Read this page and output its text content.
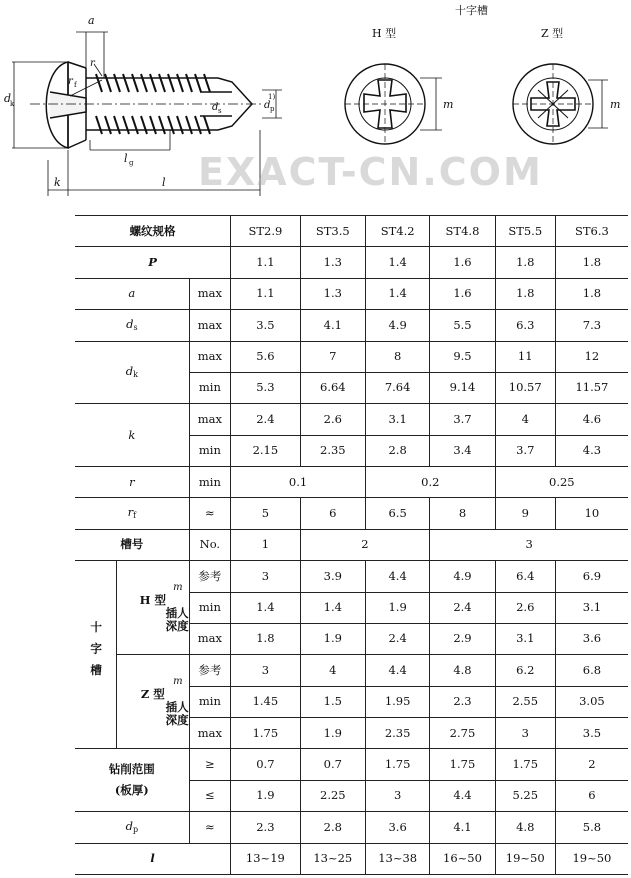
十字槽
H 型	Z 型
a
r
r f
d
k	d s	d p
1)
l g
k	l
m	m
EXACT-CN.COM
螺纹规格			ST2.9	ST3.5	ST4.2	ST4.8	ST5.5	ST6.3
P			1.1	1.3	1.4	1.6	1.8	1.8
a		max	1.1	1.3	1.4	1.6	1.8	1.8
$d_s$		max	3.5	4.1	4.9	5.5	6.3	7.3
$d_k$		max	5.6	7	8	9.5	11	12
		min	5.3	6.64	7.64	9.14	10.57	11.57
k		max	2.4	2.6	3.1	3.7	4	4.6
		min	2.15	2.35	2.8	3.4	3.7	4.3
r		min	0.1		0.2		0.25	
$r_f$		≈	5	6	6.5	8	9	10
槽号		No.	1	2		3		
十字槽	m
H 型
插人
深度	参考	3	3.9	4.4	4.9	6.4	6.9
		min	1.4	1.4	1.9	2.4	2.6	3.1
		max	1.8	1.9	2.4	2.9	3.1	3.6

	m
Z 型
插人
深度	参考	3	4	4.4	4.8	6.2	6.8
		min	1.45	1.5	1.95	2.3	2.55	3.05
		max	1.75	1.9	2.35	2.75	3	3.5

钻削范围
(板厚)		≥	0.7	0.7	1.75	1.75	1.75	2
		≤	1.9	2.25	3	4.4	5.25	6
$d_p$		≈	2.3	2.8	3.6	4.1	4.8	5.8
l			13~19	13~25	13~38	16~50	19~50	19~50
